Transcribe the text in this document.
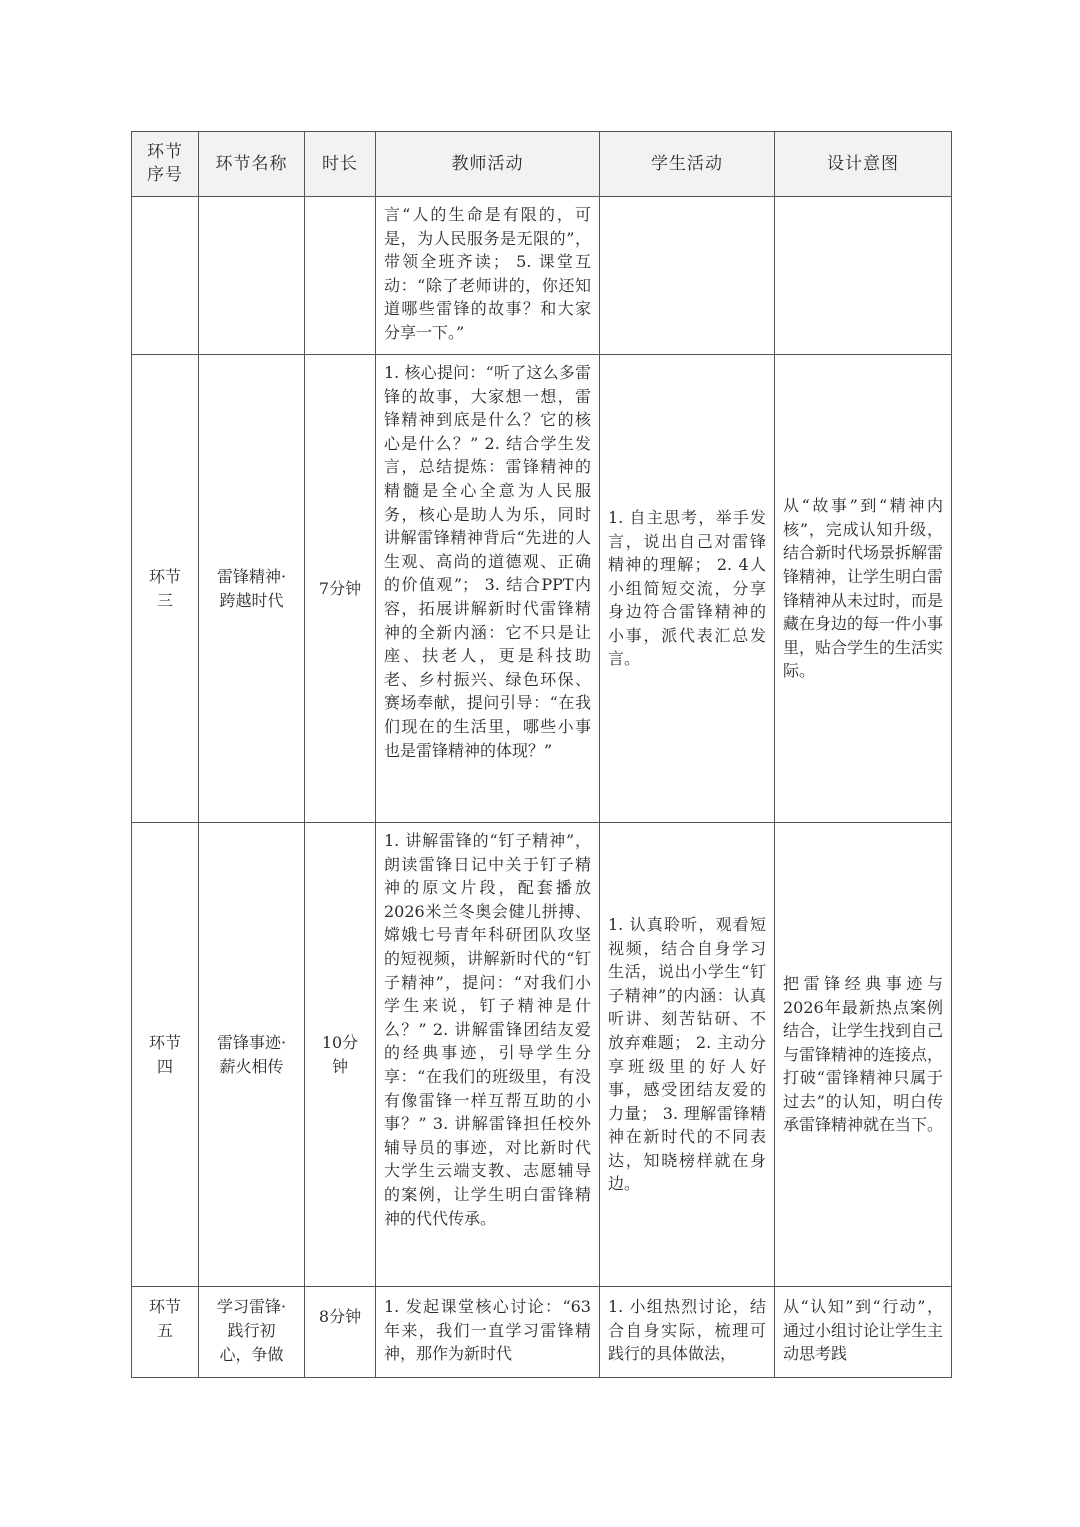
环节序号	环节名称	时长	教师活动	学生活动	设计意图

			言“人的生命是有限的，可是，为人民服务是无限的”，带领全班齐读； 5. 课堂互动：“除了老师讲的，你还知道哪些雷锋的故事？和大家分享一下。”		

环节三	雷锋精神·跨越时代	7分钟	1. 核心提问：“听了这么多雷锋的故事，大家想一想，雷锋精神到底是什么？它的核心是什么？” 2. 结合学生发言，总结提炼：雷锋精神的精髓是全心全意为人民服务，核心是助人为乐，同时讲解雷锋精神背后“先进的人生观、高尚的道德观、正确的价值观”； 3. 结合PPT内容，拓展讲解新时代雷锋精神的全新内涵：它不只是让座、扶老人，更是科技助老、乡村振兴、绿色环保、赛场奉献，提问引导：“在我们现在的生活里，哪些小事也是雷锋精神的体现？”	1. 自主思考，举手发言，说出自己对雷锋精神的理解； 2. 4人小组简短交流，分享身边符合雷锋精神的小事，派代表汇总发言。	从“故事”到“精神内核”，完成认知升级，结合新时代场景拆解雷锋精神，让学生明白雷锋精神从未过时，而是藏在身边的每一件小事里，贴合学生的生活实际。

环节四	雷锋事迹·薪火相传	10分钟	1. 讲解雷锋的“钉子精神”，朗读雷锋日记中关于钉子精神的原文片段，配套播放2026米兰冬奥会健儿拼搏、嫦娥七号青年科研团队攻坚的短视频，讲解新时代的“钉子精神”，提问：“对我们小学生来说，钉子精神是什么？” 2. 讲解雷锋团结友爱的经典事迹，引导学生分享：“在我们的班级里，有没有像雷锋一样互帮互助的小事？” 3. 讲解雷锋担任校外辅导员的事迹，对比新时代大学生云端支教、志愿辅导的案例，让学生明白雷锋精神的代代传承。	1. 认真聆听，观看短视频，结合自身学习生活，说出小学生“钉子精神”的内涵：认真听讲、刻苦钻研、不放弃难题； 2. 主动分享班级里的好人好事，感受团结友爱的力量； 3. 理解雷锋精神在新时代的不同表达，知晓榜样就在身边。	把雷锋经典事迹与2026年最新热点案例结合，让学生找到自己与雷锋精神的连接点，打破“雷锋精神只属于过去”的认知，明白传承雷锋精神就在当下。

环节五	学习雷锋·践行初心，争做	8分钟	1. 发起课堂核心讨论：“63年来，我们一直学习雷锋精神，那作为新时代	1. 小组热烈讨论，结合自身实际，梳理可践行的具体做法，	从“认知”到“行动”，通过小组讨论让学生主动思考践
